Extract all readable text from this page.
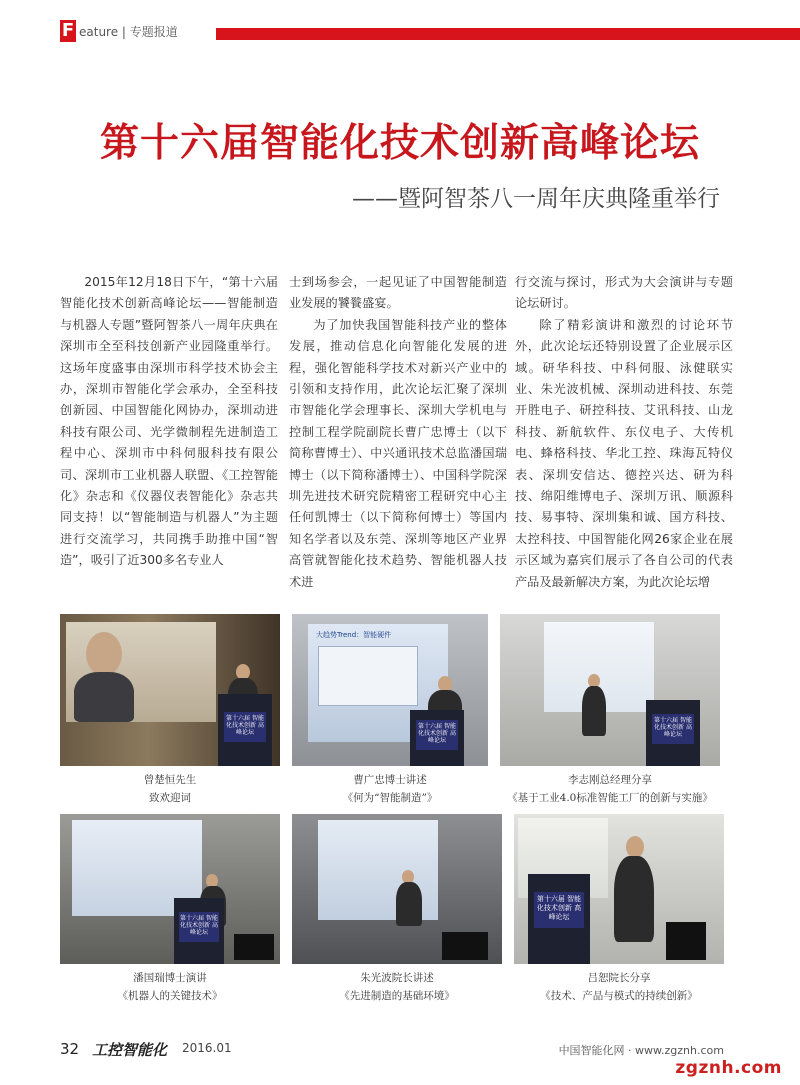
F eature | 专题报道
第十六届智能化技术创新高峰论坛
——暨阿智茶八一周年庆典隆重举行

2015年12月18日下午，“第十六届智能化技术创新高峰论坛——智能制造与机器人专题”暨阿智茶八一周年庆典在深圳市全至科技创新产业园隆重举行。这场年度盛事由深圳市科学技术协会主办，深圳市智能化学会承办，全至科技创新园、中国智能化网协办，深圳动进科技有限公司、光学微制程先进制造工程中心、深圳市中科伺服科技有限公司、深圳市工业机器人联盟、《工控智能化》杂志和《仪器仪表智能化》杂志共同支持！以“智能制造与机器人”为主题进行交流学习，共同携手助推中国“智造”，吸引了近300多名专业人

士到场参会，一起见证了中国智能制造业发展的饕餮盛宴。

为了加快我国智能科技产业的整体发展，推动信息化向智能化发展的进程，强化智能科学技术对新兴产业中的引领和支持作用，此次论坛汇聚了深圳市智能化学会理事长、深圳大学机电与控制工程学院副院长曹广忠博士（以下简称曹博士）、中兴通讯技术总监潘国瑞博士（以下简称潘博士）、中国科学院深圳先进技术研究院精密工程研究中心主任何凯博士（以下简称何博士）等国内知名学者以及东莞、深圳等地区产业界高管就智能化技术趋势、智能机器人技术进

行交流与探讨，形式为大会演讲与专题论坛研讨。

除了精彩演讲和激烈的讨论环节外，此次论坛还特别设置了企业展示区域。研华科技、中科伺服、泳健联实业、朱光波机械、深圳动进科技、东莞开胜电子、研控科技、艾讯科技、山龙科技、新航软件、东仪电子、大传机电、蜂格科技、华北工控、珠海瓦特仪表、深圳安信达、德控兴达、研为科技、绵阳维博电子、深圳万讯、顺源科技、易事特、深圳集和诚、国方科技、太控科技、中国智能化网26家企业在展示区域为嘉宾们展示了各自公司的代表产品及最新解决方案，为此次论坛增

第十六届 智能化技术创新 高峰论坛
曾楚恒先生
致欢迎词
大趋势Trend：智能硬件
第十六届 智能化技术创新 高峰论坛
曹广忠博士讲述
《何为“智能制造”》
第十六届 智能化技术创新 高峰论坛
李志刚总经理分享
《基于工业4.0标准智能工厂的创新与实施》
第十六届 智能化技术创新 高峰论坛
潘国瑞博士演讲
《机器人的关键技术》
朱光波院长讲述
《先进制造的基础环境》
第十六届 智能化技术创新 高峰论坛
吕恕院长分享
《技术、产品与模式的持续创新》
32 工控智能化 2016.01	中国智能化网 · www.zgznh.com
zgznh.com
